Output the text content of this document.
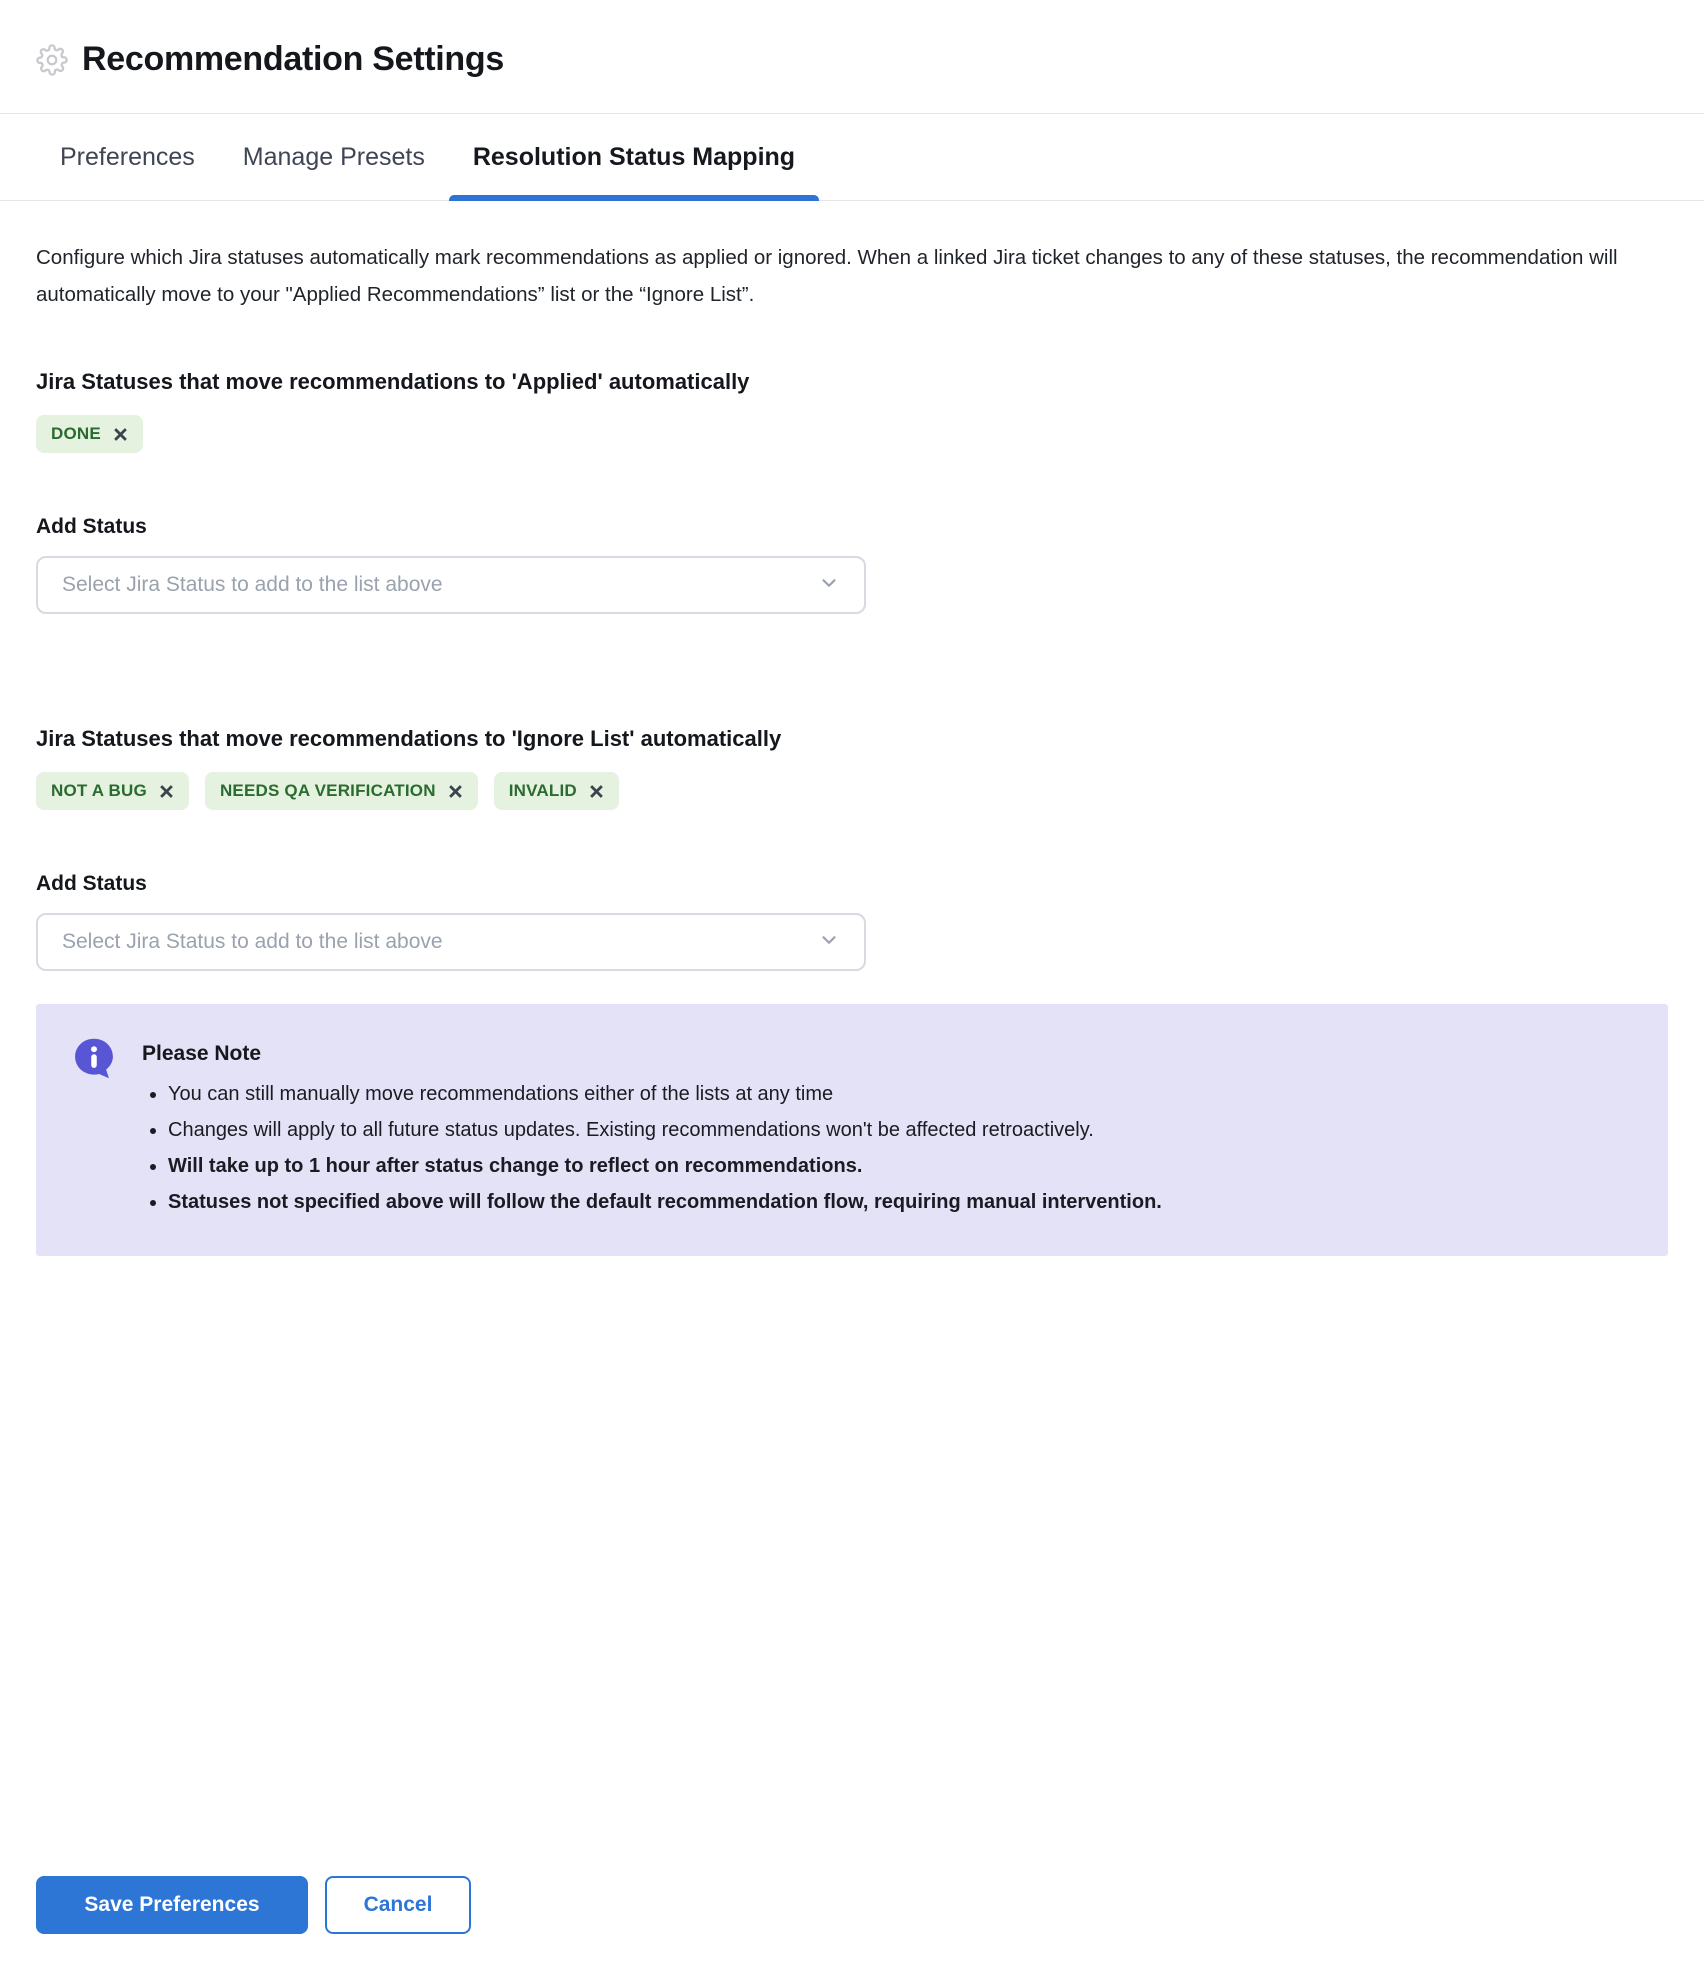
Recommendation Settings
Preferences	Manage Presets	Resolution Status Mapping

Configure which Jira statuses automatically mark recommendations as applied or ignored. When a linked Jira ticket changes to any of these statuses, the recommendation will automatically move to your "Applied Recommendations” list or the “Ignore List”.

Jira Statuses that move recommendations to 'Applied' automatically
DONE
Add Status
Select Jira Status to add to the list above
Jira Statuses that move recommendations to 'Ignore List' automatically
NOT A BUG	NEEDS QA VERIFICATION	INVALID
Add Status
Select Jira Status to add to the list above
Please Note
• You can still manually move recommendations either of the lists at any time
• Changes will apply to all future status updates. Existing recommendations won't be affected retroactively.
• Will take up to 1 hour after status change to reflect on recommendations.
• Statuses not specified above will follow the default recommendation flow, requiring manual intervention.
Save Preferences	Cancel
